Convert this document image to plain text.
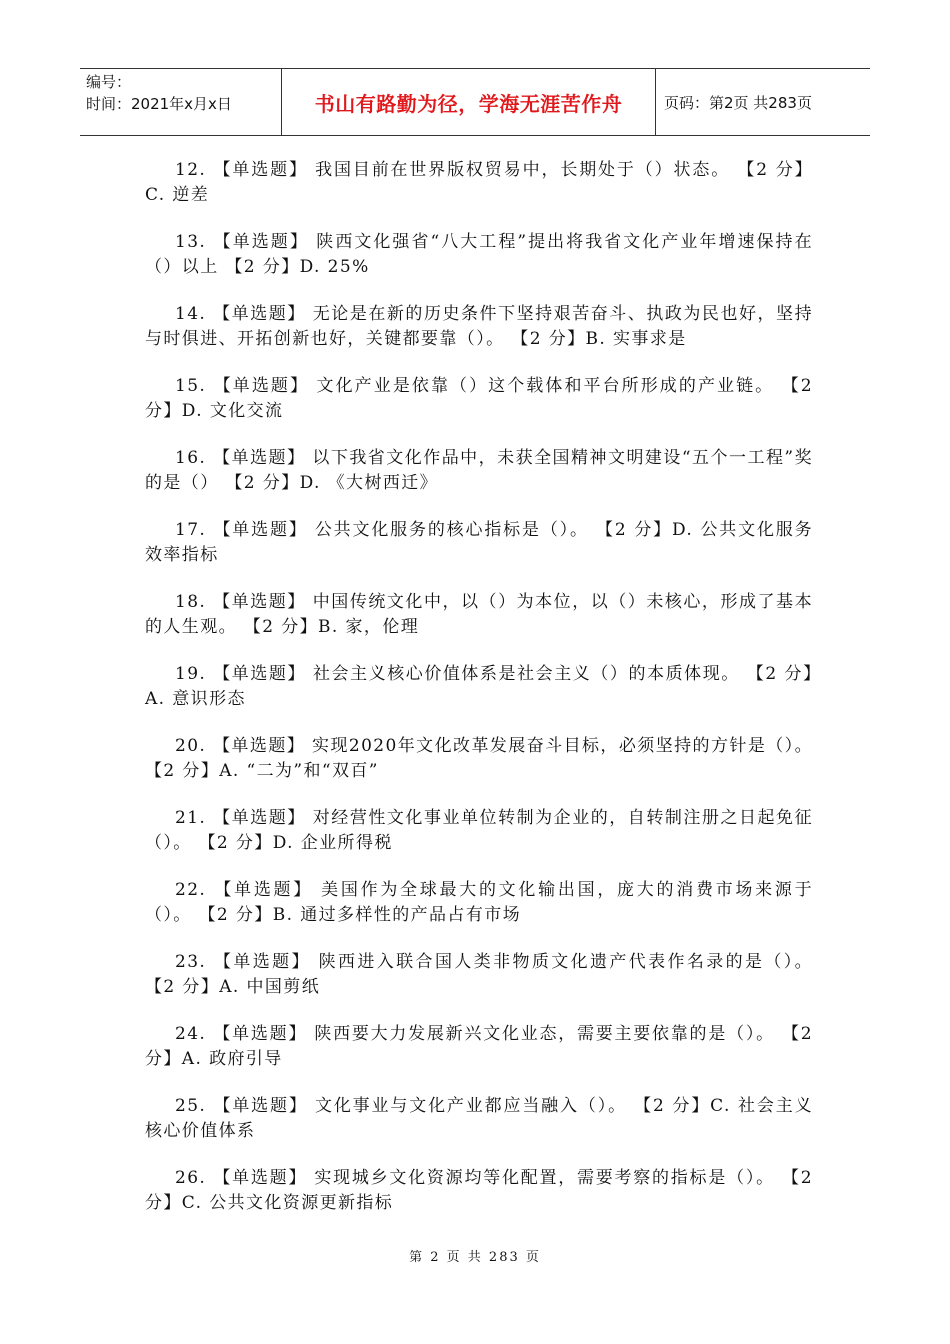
编号：
时间：2021年x月x日	书山有路勤为径，学海无涯苦作舟	页码：第2页 共283页

12. 【单选题】 我国目前在世界版权贸易中，长期处于（）状态。 【2 分】C. 逆差

13. 【单选题】 陕西文化强省“八大工程”提出将我省文化产业年增速保持在（）以上 【2 分】D. 25%

14. 【单选题】 无论是在新的历史条件下坚持艰苦奋斗、执政为民也好，坚持与时俱进、开拓创新也好，关键都要靠（）。 【2 分】B. 实事求是

15. 【单选题】 文化产业是依靠（）这个载体和平台所形成的产业链。 【2 分】D. 文化交流

16. 【单选题】 以下我省文化作品中，未获全国精神文明建设“五个一工程”奖的是（） 【2 分】D. 《大树西迁》

17. 【单选题】 公共文化服务的核心指标是（）。 【2 分】D. 公共文化服务效率指标

18. 【单选题】 中国传统文化中，以（）为本位，以（）未核心，形成了基本的人生观。 【2 分】B. 家，伦理

19. 【单选题】 社会主义核心价值体系是社会主义（）的本质体现。 【2 分】A. 意识形态

20. 【单选题】 实现2020年文化改革发展奋斗目标，必须坚持的方针是（）。 【2 分】A. “二为”和“双百”

21. 【单选题】 对经营性文化事业单位转制为企业的，自转制注册之日起免征（）。 【2 分】D. 企业所得税

22. 【单选题】 美国作为全球最大的文化输出国，庞大的消费市场来源于（）。 【2 分】B. 通过多样性的产品占有市场

23. 【单选题】 陕西进入联合国人类非物质文化遗产代表作名录的是（）。 【2 分】A. 中国剪纸

24. 【单选题】 陕西要大力发展新兴文化业态，需要主要依靠的是（）。 【2 分】A. 政府引导

25. 【单选题】 文化事业与文化产业都应当融入（）。 【2 分】C. 社会主义核心价值体系

26. 【单选题】 实现城乡文化资源均等化配置，需要考察的指标是（）。 【2 分】C. 公共文化资源更新指标

第 2 页 共 283 页
